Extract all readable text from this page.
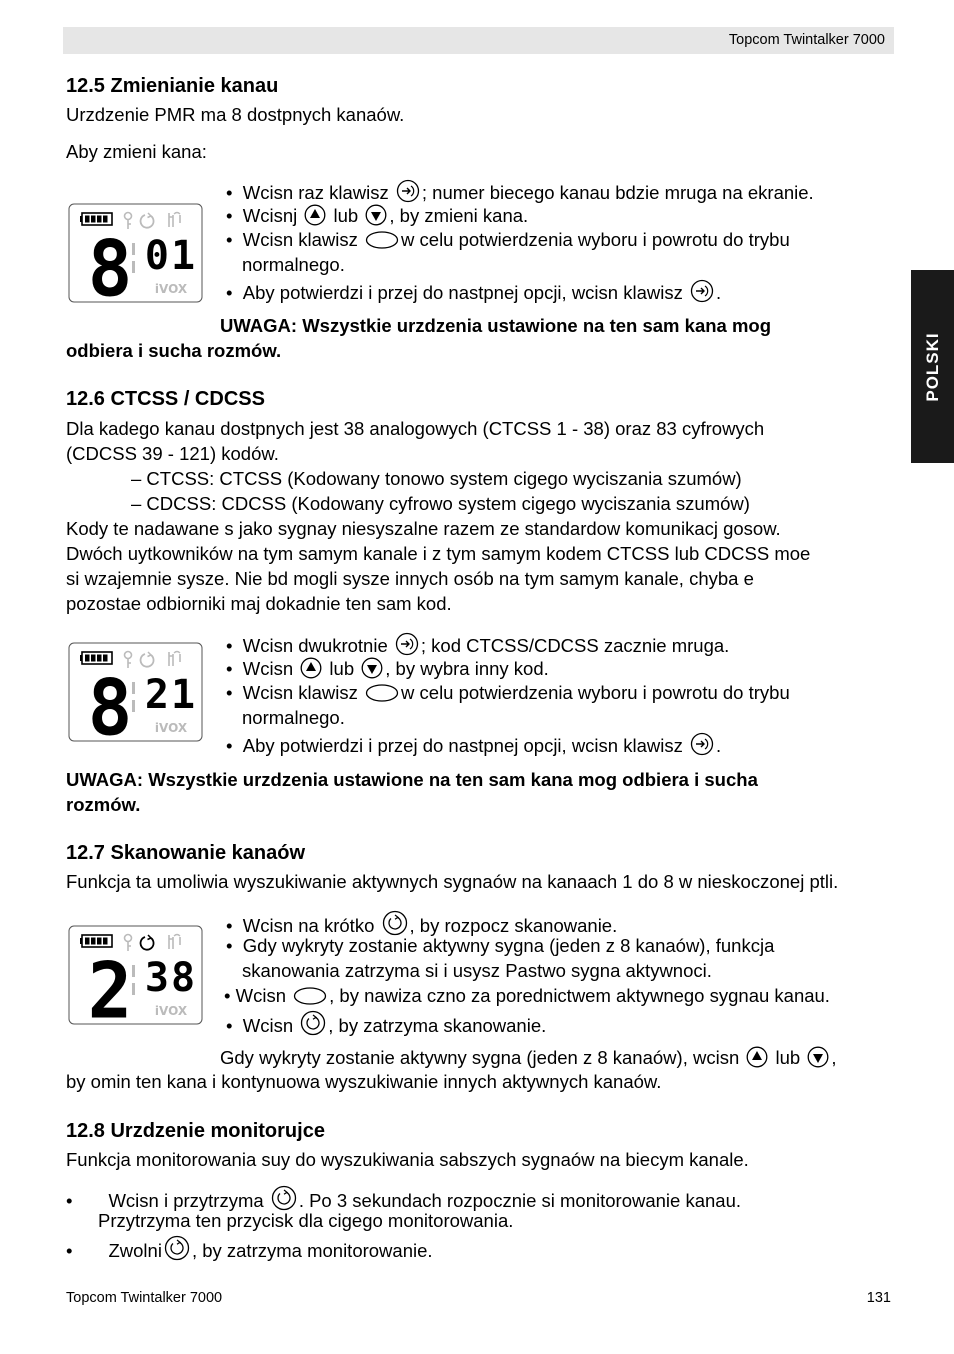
Topcom Twintalker 7000
POLSKI
12.5 Zmienianie kanau
Urzdzenie PMR ma 8 dostpnych kanaów.
Aby zmieni kana:
8 01
iVOX
•  Wcisn raz klawisz ; numer biecego kanau bdzie mruga na ekranie.
•  Wcisnj lub , by zmieni kana.
•  Wcisn klawisz w celu potwierdzenia wyboru i powrotu do trybu
normalnego.
•  Aby potwierdzi i przej do nastpnej opcji, wcisn klawisz .
UWAGA: Wszystkie urzdzenia ustawione na ten sam kana mog
odbiera i sucha rozmów.
12.6 CTCSS / CDCSS
Dla kadego kanau dostpnych jest 38 analogowych (CTCSS 1 - 38) oraz 83 cyfrowych
(CDCSS 39 - 121) kodów.
– CTCSS: CTCSS (Kodowany tonowo system cigego wyciszania szumów)
– CDCSS: CDCSS (Kodowany cyfrowo system cigego wyciszania szumów)
Kody te nadawane s jako sygnay niesyszalne razem ze standardow komunikacj gosow.
Dwóch uytkowników na tym samym kanale i z tym samym kodem CTCSS lub CDCSS moe
si wzajemnie sysze. Nie bd mogli sysze innych osób na tym samym kanale, chyba e
pozostae odbiorniki maj dokadnie ten sam kod.
8 21
iVOX
•  Wcisn dwukrotnie ; kod CTCSS/CDCSS zacznie mruga.
•  Wcisn lub , by wybra inny kod.
•  Wcisn klawisz w celu potwierdzenia wyboru i powrotu do trybu
normalnego.
•  Aby potwierdzi i przej do nastpnej opcji, wcisn klawisz .
UWAGA: Wszystkie urzdzenia ustawione na ten sam kana mog odbiera i sucha
rozmów.
12.7 Skanowanie kanaów
Funkcja ta umoliwia wyszukiwanie aktywnych sygnaów na kanaach 1 do 8 w nieskoczonej ptli.
2 38
iVOX
•  Wcisn na krótko , by rozpocz skanowanie.
•  Gdy wykryty zostanie aktywny sygna (jeden z 8 kanaów), funkcja
skanowania zatrzyma si i usysz Pastwo sygna aktywnoci.
• Wcisn , by nawiza czno za porednictwem aktywnego sygnau kanau.
•  Wcisn , by zatrzyma skanowanie.
Gdy wykryty zostanie aktywny sygna (jeden z 8 kanaów), wcisn lub ,
by omin ten kana i kontynuowa wyszukiwanie innych aktywnych kanaów.
12.8 Urzdzenie monitorujce
Funkcja monitorowania suy do wyszukiwania sabszych sygnaów na biecym kanale.
•       Wcisn i przytrzyma . Po 3 sekundach rozpocznie si monitorowanie kanau.
Przytrzyma ten przycisk dla cigego monitorowania.
•       Zwolni , by zatrzyma monitorowanie.
Topcom Twintalker 7000	131
